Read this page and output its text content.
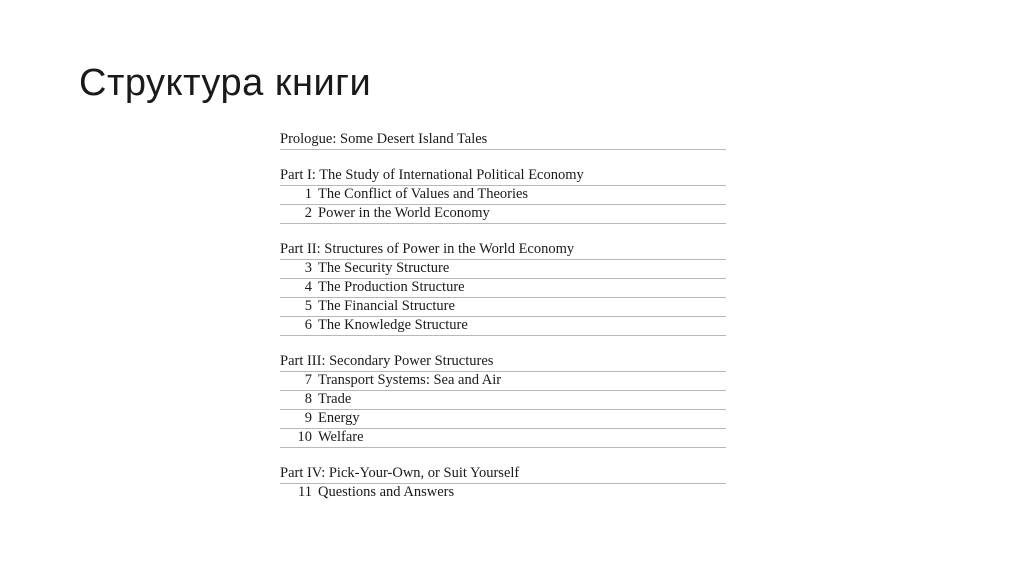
Структура книги
Prologue: Some Desert Island Tales
Part I: The Study of International Political Economy
1 The Conflict of Values and Theories
2 Power in the World Economy
Part II: Structures of Power in the World Economy
3 The Security Structure
4 The Production Structure
5 The Financial Structure
6 The Knowledge Structure
Part III: Secondary Power Structures
7 Transport Systems: Sea and Air
8 Trade
9 Energy
10 Welfare
Part IV: Pick-Your-Own, or Suit Yourself
11 Questions and Answers
